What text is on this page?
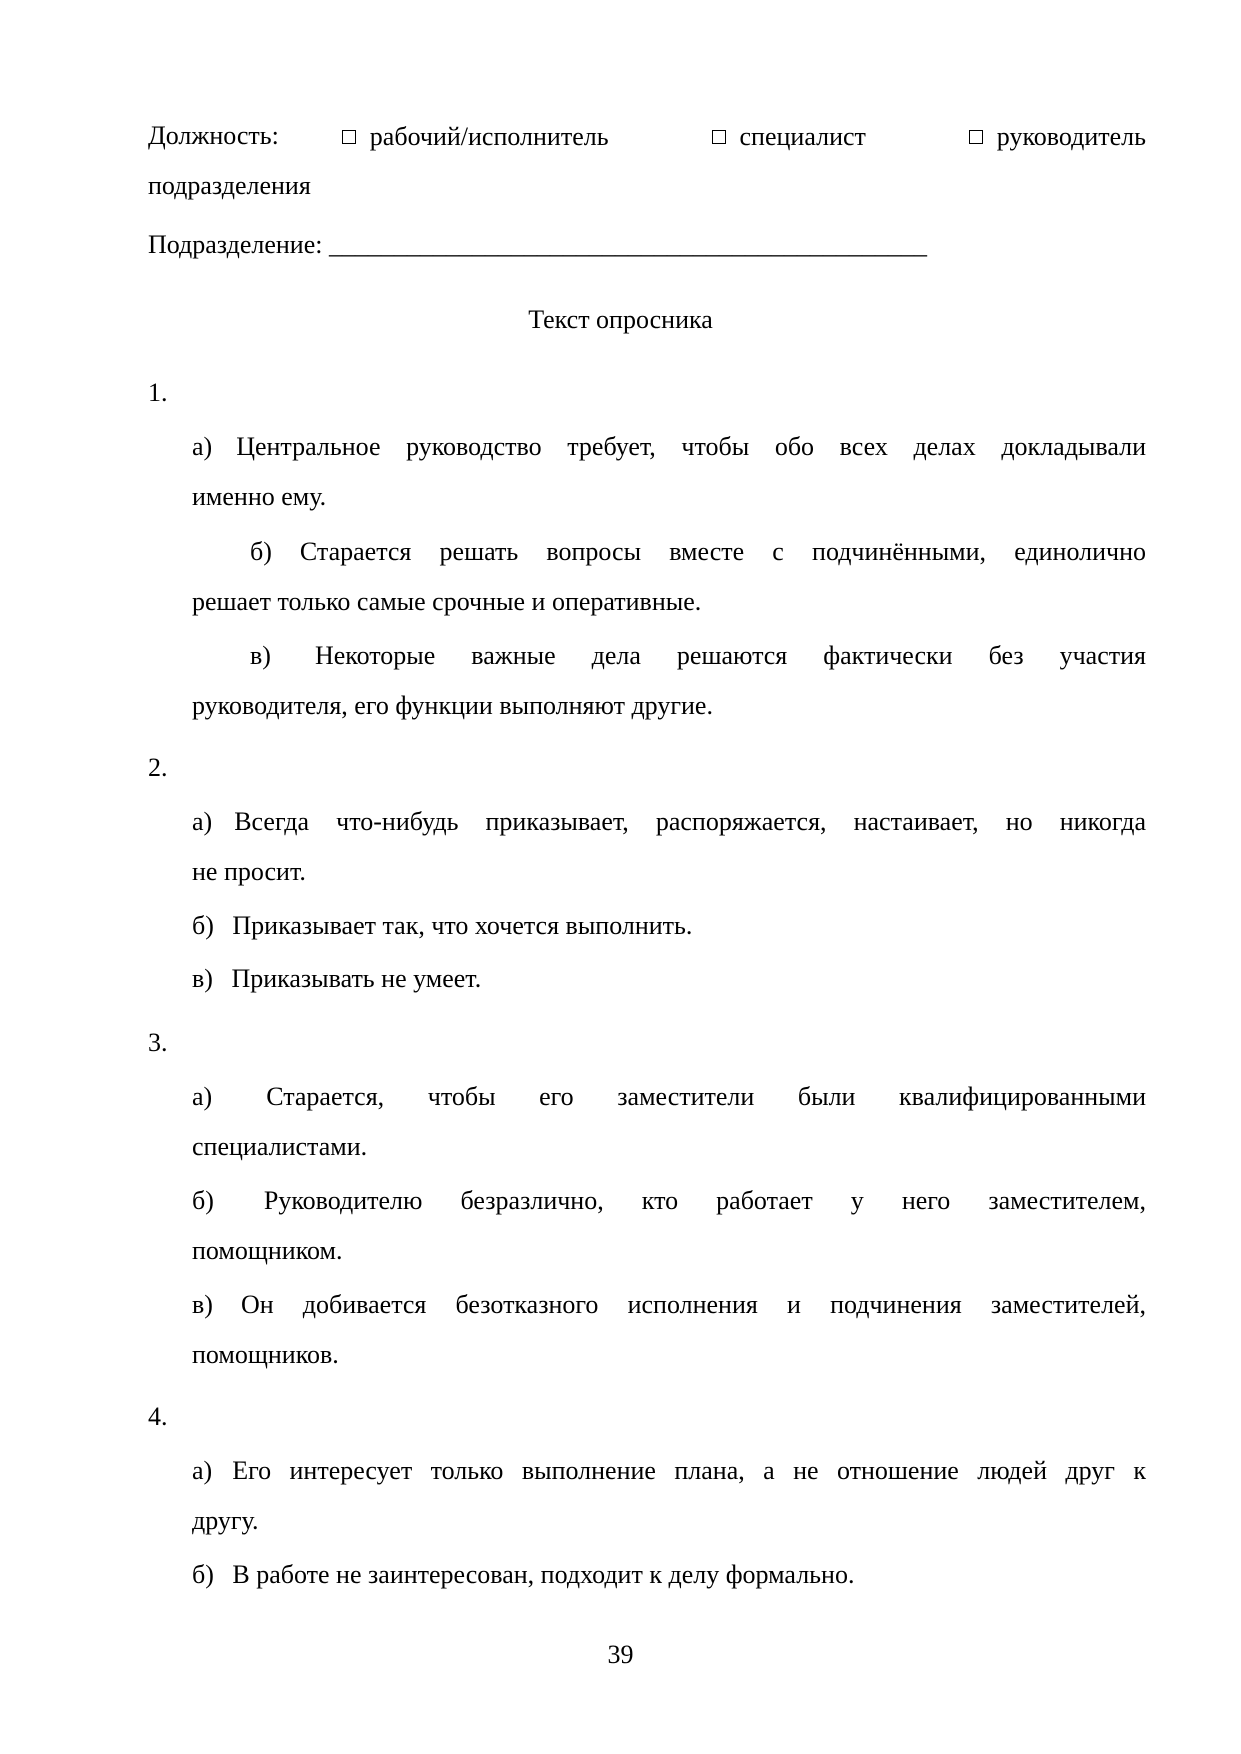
Должность:	рабочий/исполнитель	специалист	руководитель
подразделения
Подразделение: ______________________________________________
Текст опросника
1.
а) Центральное руководство требует, чтобы обо всех делах докладывали
именно ему.
б) Старается решать вопросы вместе с подчинёнными, единолично
решает только самые срочные и оперативные.
в) Некоторые важные дела решаются фактически без участия
руководителя, его функции выполняют другие.
2.
а) Всегда что-нибудь приказывает, распоряжается, настаивает, но никогда
не просит.
б) Приказывает так, что хочется выполнить.
в) Приказывать не умеет.
3.
а) Старается, чтобы его заместители были квалифицированными
специалистами.
б) Руководителю безразлично, кто работает у него заместителем,
помощником.
в) Он добивается безотказного исполнения и подчинения заместителей,
помощников.
4.
а) Его интересует только выполнение плана, а не отношение людей друг к
другу.
б) В работе не заинтересован, подходит к делу формально.
39
